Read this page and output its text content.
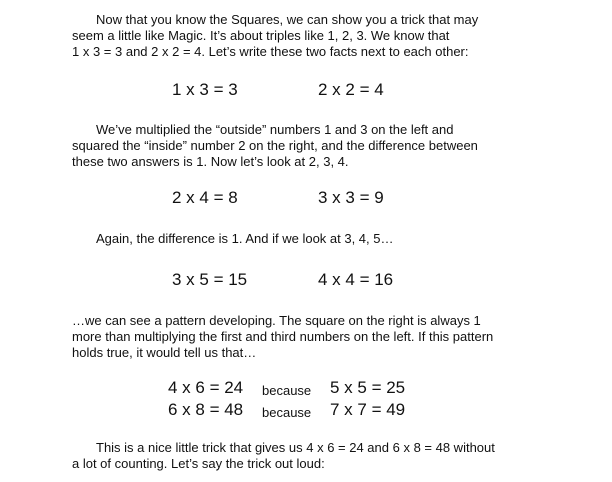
Now that you know the Squares, we can show you a trick that may
seem a little like Magic. It’s about triples like 1, 2, 3. We know that
1 x 3 = 3 and 2 x 2 = 4. Let’s write these two facts next to each other:

1 x 3 = 3	2 x 2 = 4

We’ve multiplied the “outside” numbers 1 and 3 on the left and
squared the “inside” number 2 on the right, and the difference between
these two answers is 1. Now let’s look at 2, 3, 4.

2 x 4 = 8	3 x 3 = 9

Again, the difference is 1. And if we look at 3, 4, 5…

3 x 5 = 15	4 x 4 = 16

…we can see a pattern developing. The square on the right is always 1
more than multiplying the first and third numbers on the left. If this pattern
holds true, it would tell us that…

4 x 6 = 24 because 5 x 5 = 25
6 x 8 = 48 because 7 x 7 = 49

This is a nice little trick that gives us 4 x 6 = 24 and 6 x 8 = 48 without
a lot of counting. Let’s say the trick out loud:
